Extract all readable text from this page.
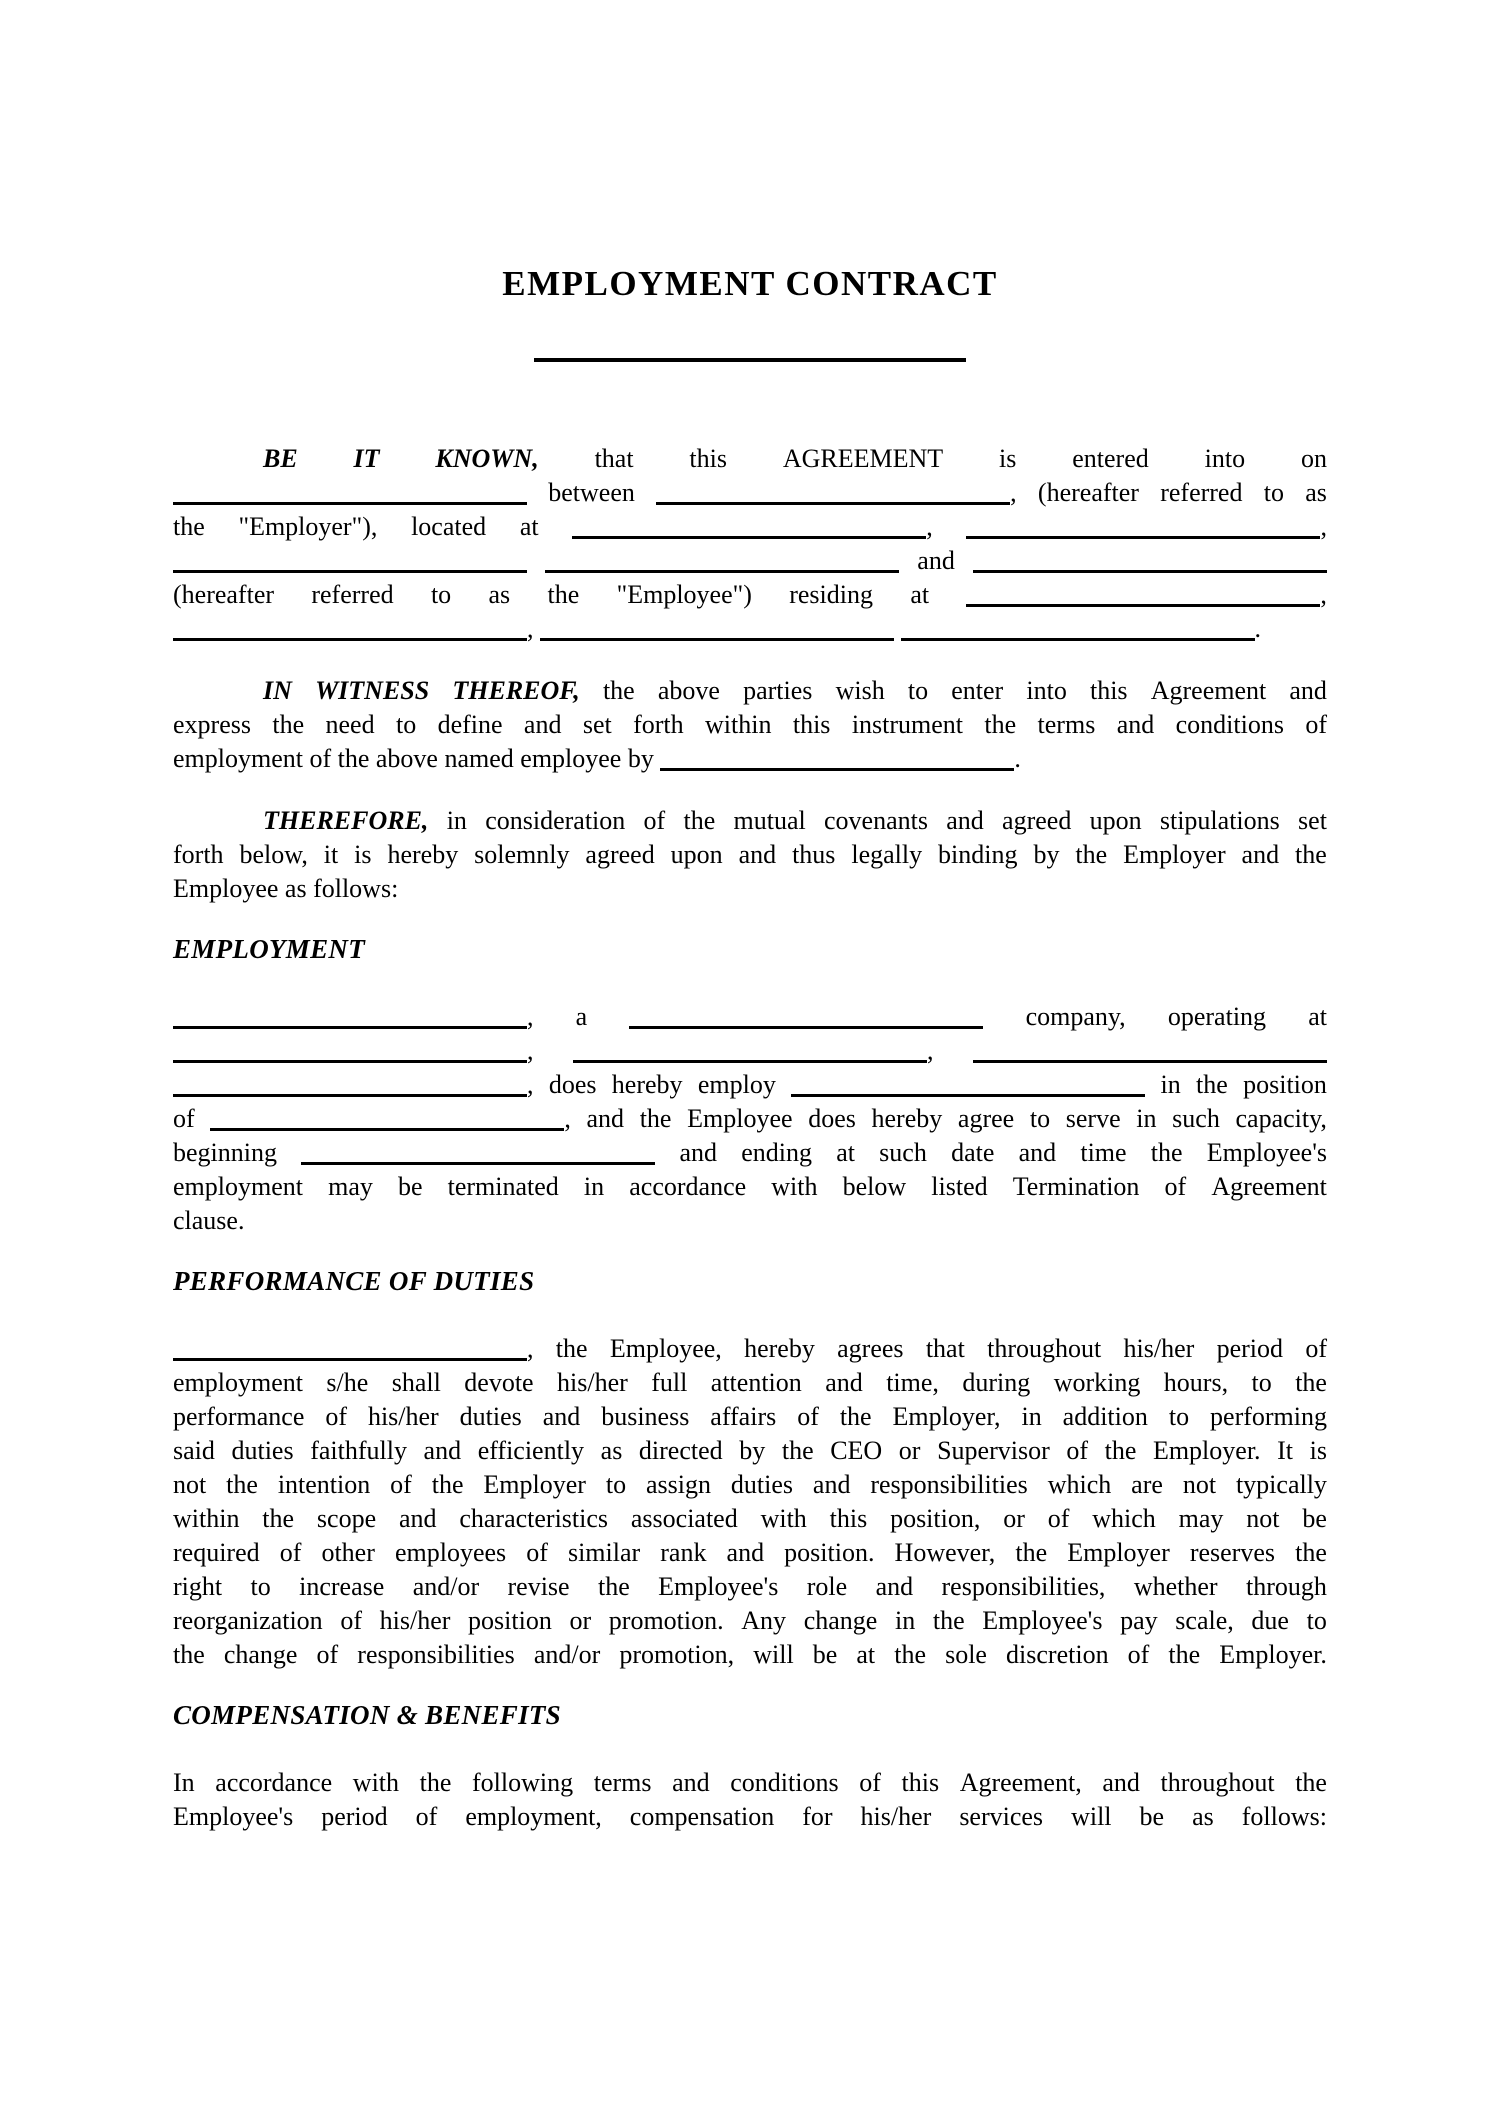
EMPLOYMENT CONTRACT
BE IT KNOWN, that this AGREEMENT is entered into on
between	, (hereafter referred to as
the "Employer"), located at	,	,
and
(hereafter referred to as the "Employee") residing at	,
,	.
IN WITNESS THEREOF, the above parties wish to enter into this Agreement and
express the need to define and set forth within this instrument the terms and conditions of
employment of the above named employee by	.
THEREFORE, in consideration of the mutual covenants and agreed upon stipulations set
forth below, it is hereby solemnly agreed upon and thus legally binding by the Employer and the
Employee as follows:
EMPLOYMENT
, a	company, operating at
,	,
, does hereby employ	in the position
of	, and the Employee does hereby agree to serve in such capacity,
beginning	and ending at such date and time the Employee's
employment may be terminated in accordance with below listed Termination of Agreement
clause.
PERFORMANCE OF DUTIES
, the Employee, hereby agrees that throughout his/her period of
employment s/he shall devote his/her full attention and time, during working hours, to the
performance of his/her duties and business affairs of the Employer, in addition to performing
said duties faithfully and efficiently as directed by the CEO or Supervisor of the Employer. It is
not the intention of the Employer to assign duties and responsibilities which are not typically
within the scope and characteristics associated with this position, or of which may not be
required of other employees of similar rank and position. However, the Employer reserves the
right to increase and/or revise the Employee's role and responsibilities, whether through
reorganization of his/her position or promotion. Any change in the Employee's pay scale, due to
the change of responsibilities and/or promotion, will be at the sole discretion of the Employer.
COMPENSATION & BENEFITS
In accordance with the following terms and conditions of this Agreement, and throughout the
Employee's period of employment, compensation for his/her services will be as follows:
